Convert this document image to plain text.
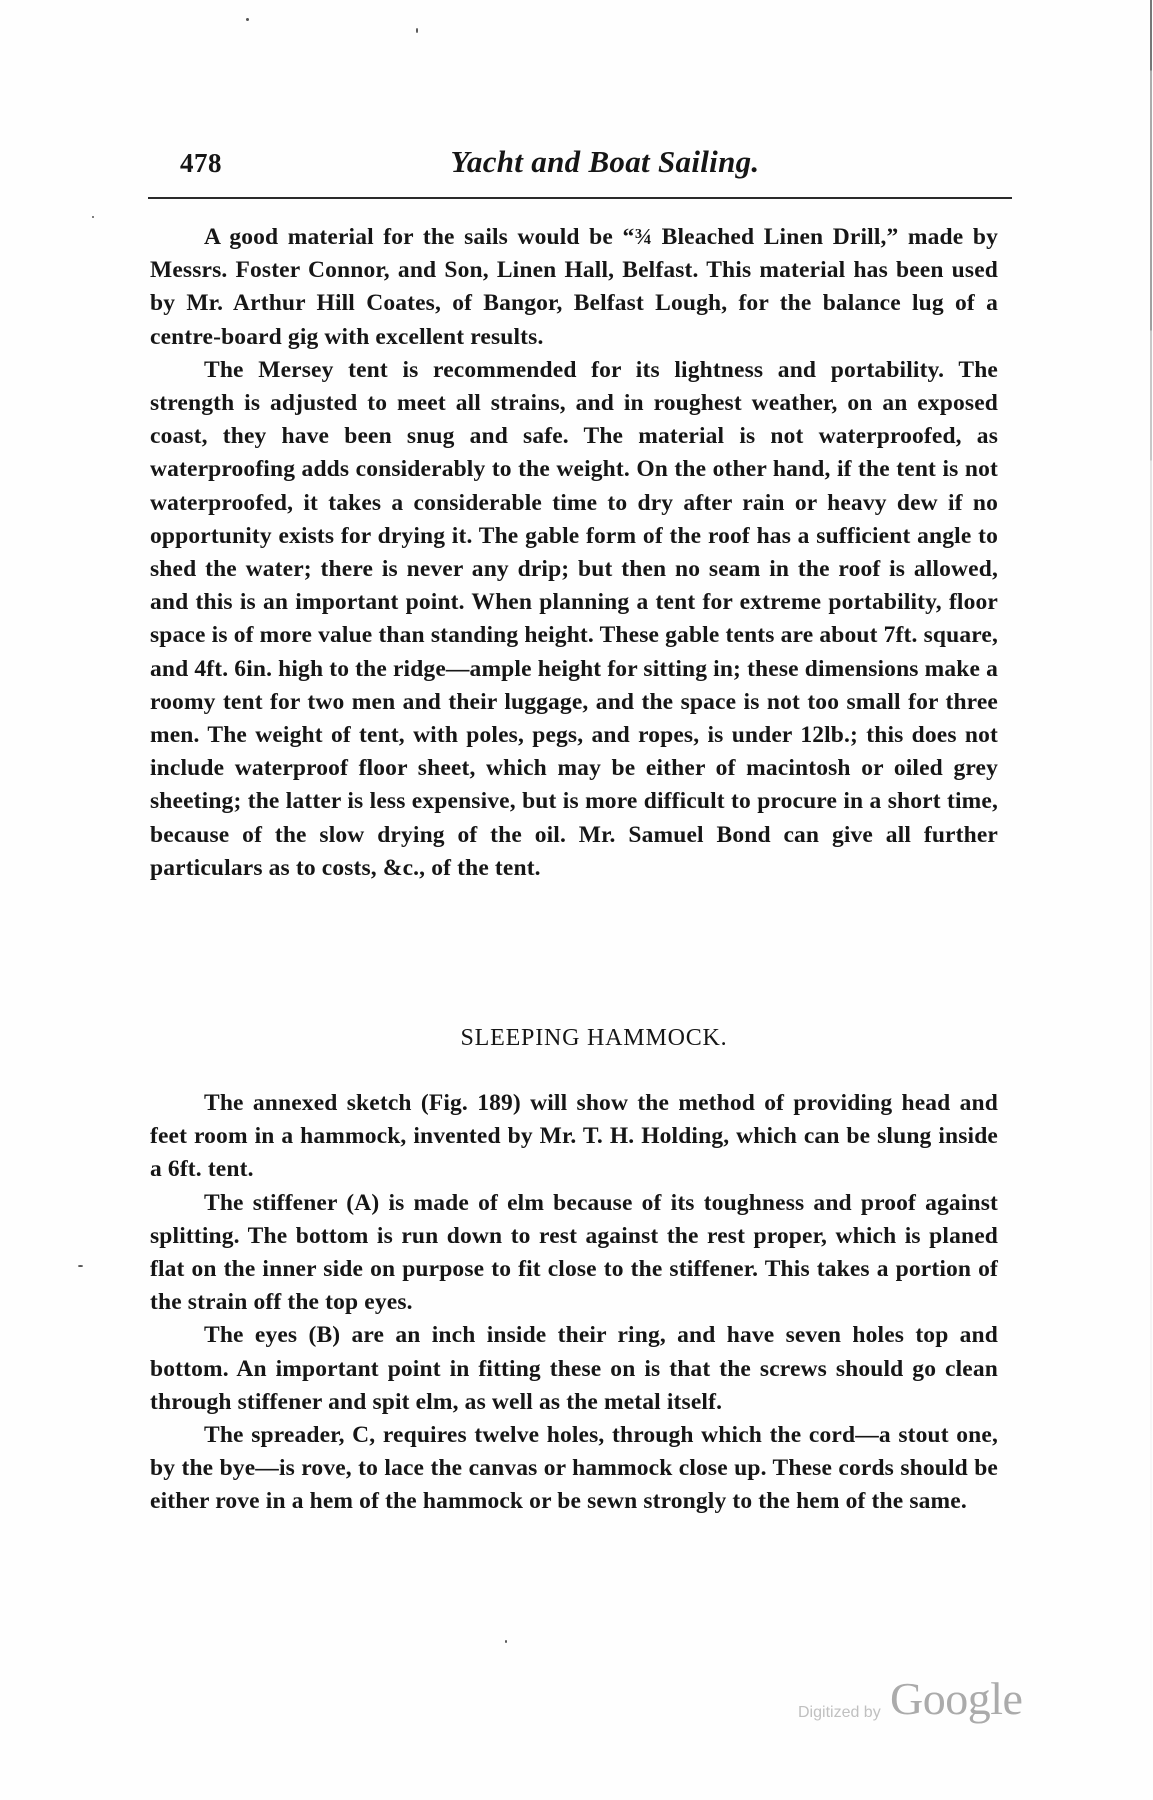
478	Yacht and Boat Sailing.

A good material for the sails would be “¾ Bleached Linen Drill,” made by Messrs. Foster Connor, and Son, Linen Hall, Belfast. This material has been used by Mr. Arthur Hill Coates, of Bangor, Belfast Lough, for the balance lug of a centre-board gig with excellent results.

The Mersey tent is recommended for its lightness and portability. The strength is adjusted to meet all strains, and in roughest weather, on an exposed coast, they have been snug and safe. The material is not waterproofed, as waterproofing adds considerably to the weight. On the other hand, if the tent is not waterproofed, it takes a considerable time to dry after rain or heavy dew if no opportunity exists for drying it. The gable form of the roof has a sufficient angle to shed the water; there is never any drip; but then no seam in the roof is allowed, and this is an important point. When planning a tent for extreme portability, floor space is of more value than standing height. These gable tents are about 7ft. square, and 4ft. 6in. high to the ridge—ample height for sitting in; these dimensions make a roomy tent for two men and their luggage, and the space is not too small for three men. The weight of tent, with poles, pegs, and ropes, is under 12lb.; this does not include waterproof floor sheet, which may be either of macintosh or oiled grey sheeting; the latter is less expensive, but is more difficult to procure in a short time, because of the slow drying of the oil. Mr. Samuel Bond can give all further particulars as to costs, &c., of the tent.

SLEEPING HAMMOCK.

The annexed sketch (Fig. 189) will show the method of providing head and feet room in a hammock, invented by Mr. T. H. Holding, which can be slung inside a 6ft. tent.

The stiffener (A) is made of elm because of its toughness and proof against splitting. The bottom is run down to rest against the rest proper, which is planed flat on the inner side on purpose to fit close to the stiffener. This takes a portion of the strain off the top eyes.

The eyes (B) are an inch inside their ring, and have seven holes top and bottom. An important point in fitting these on is that the screws should go clean through stiffener and spit elm, as well as the metal itself.

The spreader, C, requires twelve holes, through which the cord—a stout one, by the bye—is rove, to lace the canvas or hammock close up. These cords should be either rove in a hem of the hammock or be sewn strongly to the hem of the same.

Digitized by Google
